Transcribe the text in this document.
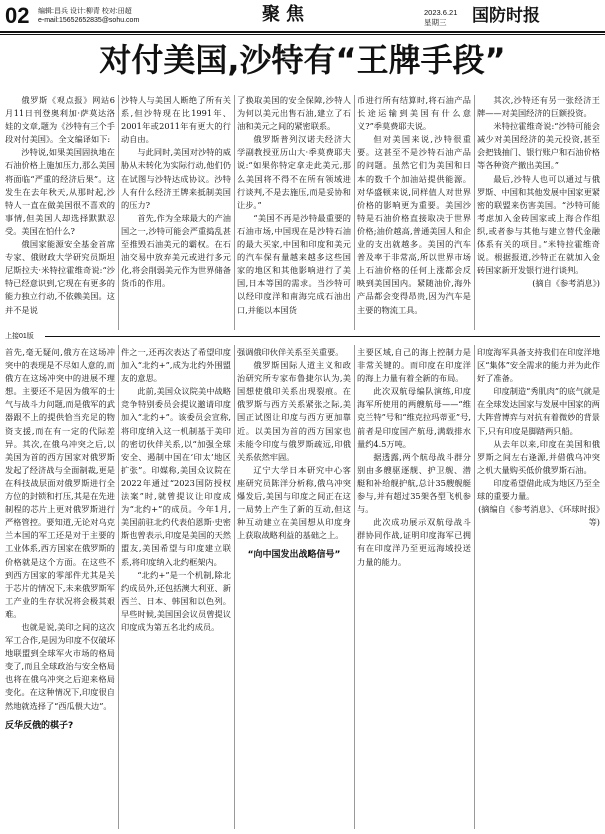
02 编辑:昌兵 设计:柳青 校对:田超
e-mail:15652652835@sohu.com	聚焦	2023.6.21
星期三	国防时报
对付美国,沙特有“王牌手段”

俄罗斯《观点报》网站6月11日刊登奥利加·萨莫达洛娃的文章,题为《沙特有三个手段对付美国》。全文编译如下:

沙特说,如果美国固执地在石油价格上施加压力,那么美国将面临“严重的经济后果”。这发生在去年秋天,从那时起,沙特人一直在做美国很不喜欢的事情,但美国人却选择默默忍受。美国在怕什么?

俄国家能源安全基金首席专家、俄财政大学研究员斯坦尼斯拉夫·米特拉霍维奇说:“沙特已经意识到,它现在有更多的能力独立行动,不依赖美国。这并不是说

沙特人与美国人断绝了所有关系,但沙特现在比1991年、2001年或2011年有更大的行动自由。

与此同时,美国对沙特的威胁从未转化为实际行动,他们仍在试图与沙特达成协议。沙特人有什么经济王牌来抵制美国的压力?

首先,作为全球最大的产油国之一,沙特可能会严重捣乱甚至推毁石油美元的霸权。在石油交易中放弃美元或进行多元化,将会削弱美元作为世界储备货币的作用。

了换取美国的安全保障,沙特人为何以美元出售石油,建立了石油和美元之间的紧密联系。

俄罗斯普列汉诺夫经济大学副教授亚历山大·季莫费耶夫说:“如果你特定拿走此美元,那么美国将不得不在所有领域进行谈判,不是去施压,而是妥协和让步。”

“美国不再是沙特最重要的石油市场,中国现在是沙特石油的最大买家,中国和印度和美元的汽车保有量越来越多这些国家的地区和其他影响进行了美国,日本等国的需求。当沙特可以经印度洋和南海完成石油出口,并能以本国货

币进行所有结算时,将石油产品长途运输到美国有什么意义?”季莫费耶夫说。

但对美国来说,沙特很重要。这甚至不是沙特石油产品的问题。虽然它们为美国和日本的数千个加油站提供能源。对华盛顿来说,同样值人对世界价格的影响更为重要。美国沙特是石油价格直接取决于世界价格;油价越高,普通美国人和企业的支出就越多。美国的汽车普及率于非常高,所以世界市场上石油价格的任何上涨都会反映到美国国内。紧随油价,海外产品都会变得昂贵,因为汽车是主要的物流工具。

其次,沙特还有另一张经济王牌——对美国经济的巨额投资。

米特拉霍维奇说:“沙特可能会减少对美国经济的美元投资,甚至会把钱抽门、银行账户和石油价格等各种资产撤出美国。”

最后,沙特人也可以通过与俄罗斯、中国和其他发展中国家更紧密的联盟来伤害美国。“沙特可能考虑加入金砖国家或上海合作组织,或者参与其他与建立替代金融体系有关的项目。”米特拉霍维奇说。根据报道,沙特正在就加入金砖国家新开发银行进行谈判。

(摘自《参考消息》)

上接01版

首先,毫无疑问,俄方在这场冲突中的表现是不尽如人意的,而俄方在这场冲突中的进展不理想。主要还不是因为俄军的士气与战斗力问题,而是俄军的武器跟不上的提供恰当充足的物资支援,而在有一定的代际差异。其次,在俄乌冲突之后,以美国为首的西方国家对俄罗斯发起了经济战与全面制裁,更是在科技战层面对俄罗斯进行全方位的封锁和打压,其是在先进制程的芯片上更对俄罗斯进行严格管控。要知道,无论对乌克兰本国的军工还是对于主要的工业体系,西方国家在俄罗斯的价格就是这个方面。在这些不到西方国家的零部件尤其是关于芯片的情况下,未来俄罗斯军工产业的生存状况将会极其艰难。

也就是说,美印之间的这次军工合作,是因为印度不仅破坏地联盟到全球军火市场的格局变了,而且全球政治与安全格局也将在俄乌冲突之后迎来格局变化。在这种情况下,印度很自然地就选择了“西瓜偎大边”。

反华反俄的棋子?

件之一,还再次表达了希望印度加入“北约+”,成为北约外围盟友的意思。

此前,美国众议院美中战略竞争特别委员会提议邀请印度加入“北约+”。该委员会宣称,将印度纳入这一机制基于美印的密切伙伴关系,以“加强全球安全、遏制中国在‘印太’地区扩张”。印媒称,美国众议院在2022年通过“2023国防授权法案”时,就曾提议让印度成为“北约+”的成员。今年1月,美国前驻北约代表伯恩斯·史密斯也曾表示,印度是美国的天然盟友,美国希望与印度建立联系,将印度纳入北约框架内。

“北约+”是一个机制,除北约成员外,还包括澳大利亚、新西兰、日本、韩国和以色列。早些时候,美国国会议员曾提议印度成为第五名北约成员。

强调俄印伙伴关系至关重要。

俄罗斯国际人道主义和政治研究所专家布鲁捷尔认为,美国想使俄印关系出现裂痕。在俄罗斯与西方关系紧张之际,美国正试图让印度与西方更加靠近。以美国为首的西方国家也未能令印度与俄罗斯疏远,印俄关系依然牢固。

辽宁大学日本研究中心客座研究员陈洋分析称,俄乌冲突爆发后,美国与印度之间正在这一局势上产生了新的互动,但这种互动建立在美国想从印度身上获取战略利益的基础之上。

“向中国发出战略信号”

主要区域,自己的海上控制力是非常关键的。而印度在印度洋的海上力量有着全新的布局。

此次双航母编队演练,印度海军所使用的两艘航母——“维克兰特”号和“维克拉玛蒂亚”号,前者是印度国产航母,满载排水量约4.5万吨。

据透露,两个航母战斗群分别由多艘驱逐舰、护卫舰、潜艇和补给舰护航,总计35艘舰艇参与,并有超过35架各型飞机参与。

此次成功展示双航母战斗群协同作战,证明印度海军已拥有在印度洋乃至更远海域投送力量的能力。

印度海军具备支持我们在印度洋地区“集体”安全需求的能力并为此作好了准备。

印度制造“秀肌肉”的底气就是在全球发达国家与发展中国家的两大阵营博弈与对抗有着微妙的背景下,只有印度是脚踏两只船。

从去年以来,印度在美国和俄罗斯之间左右逢源,并借俄乌冲突之机大量购买低价俄罗斯石油。

印度希望借此成为地区乃至全球的重要力量。

(摘编自《参考消息》、《环球时报》等)
